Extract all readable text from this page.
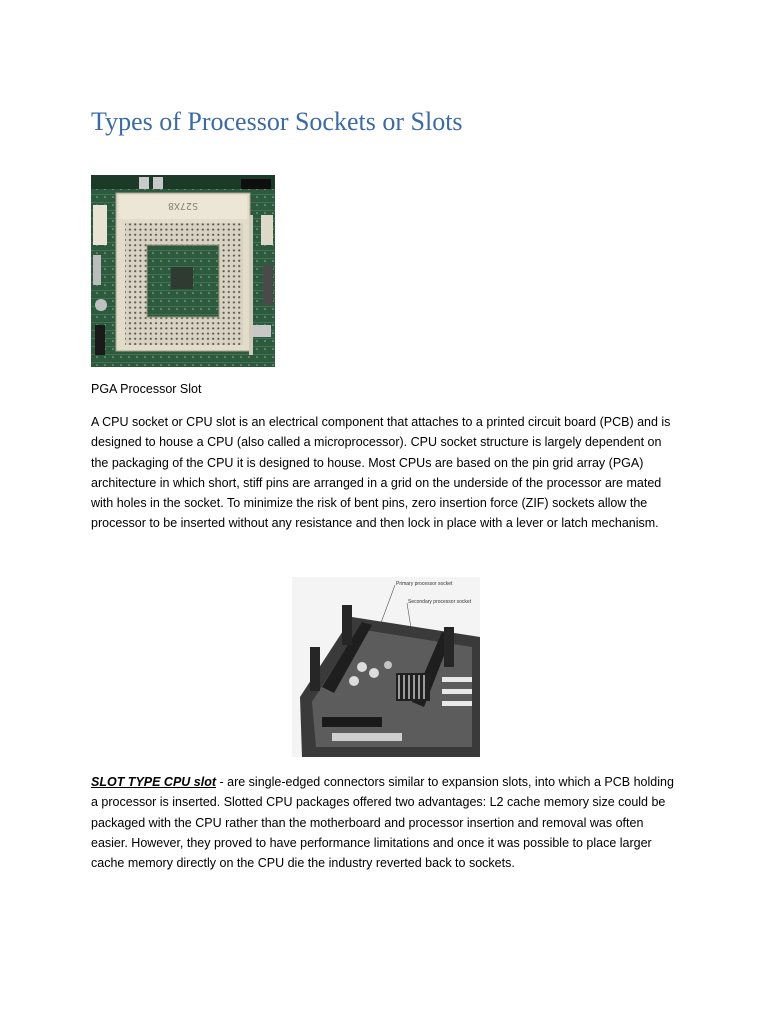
Types of Processor Sockets or Slots
S27X8
PGA Processor Slot

A CPU socket or CPU slot is an electrical component that attaches to a printed circuit board (PCB) and is designed to house a CPU (also called a microprocessor). CPU socket structure is largely dependent on the packaging of the CPU it is designed to house. Most CPUs are based on the pin grid array (PGA) architecture in which short, stiff pins are arranged in a grid on the underside of the processor are mated with holes in the socket. To minimize the risk of bent pins, zero insertion force (ZIF) sockets allow the processor to be inserted without any resistance and then lock in place with a lever or latch mechanism.

Primary processor socket
Secondary processor socket

SLOT TYPE CPU slot - are single-edged connectors similar to expansion slots, into which a PCB holding a processor is inserted. Slotted CPU packages offered two advantages: L2 cache memory size could be packaged with the CPU rather than the motherboard and processor insertion and removal was often easier. However, they proved to have performance limitations and once it was possible to place larger cache memory directly on the CPU die the industry reverted back to sockets.
